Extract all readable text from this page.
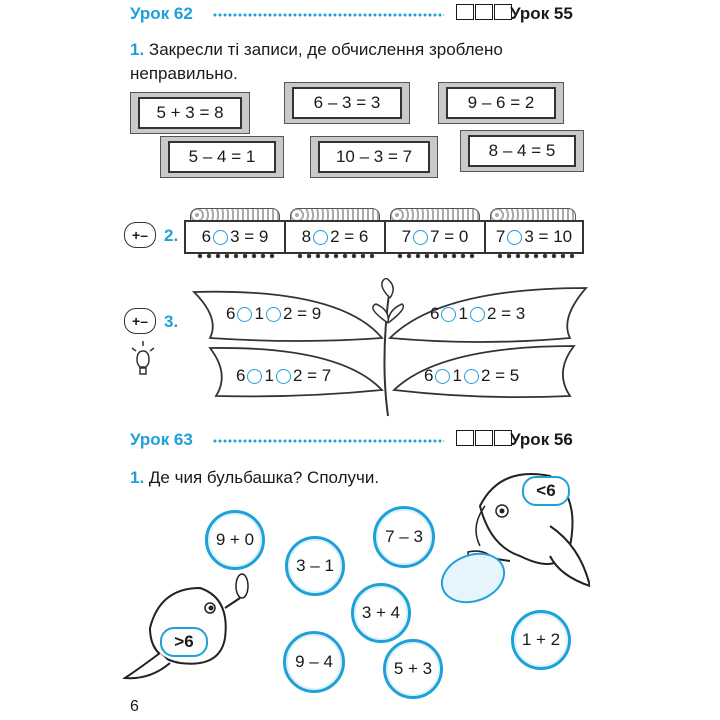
Урок 62	Урок 55
1. Закресли ті записи, де обчислення зроблено неправильно.
5 + 3 = 8
6 – 3 = 3	9 – 6 = 2
5 – 4 = 1	10 – 3 = 7	8 – 4 = 5
+– 2.	6 3 = 9	8 2 = 6	7 7 = 0	7 3 = 10
+– 3.	6 1 2 = 9	6 1 2 = 3
6 1 2 = 7	6 1 2 = 5
Урок 63	Урок 56
1. Де чия бульбашка? Сполучи.
<6
>6
9 + 0
3 – 1
7 – 3
3 + 4
9 – 4	5 + 3
1 + 2
6
